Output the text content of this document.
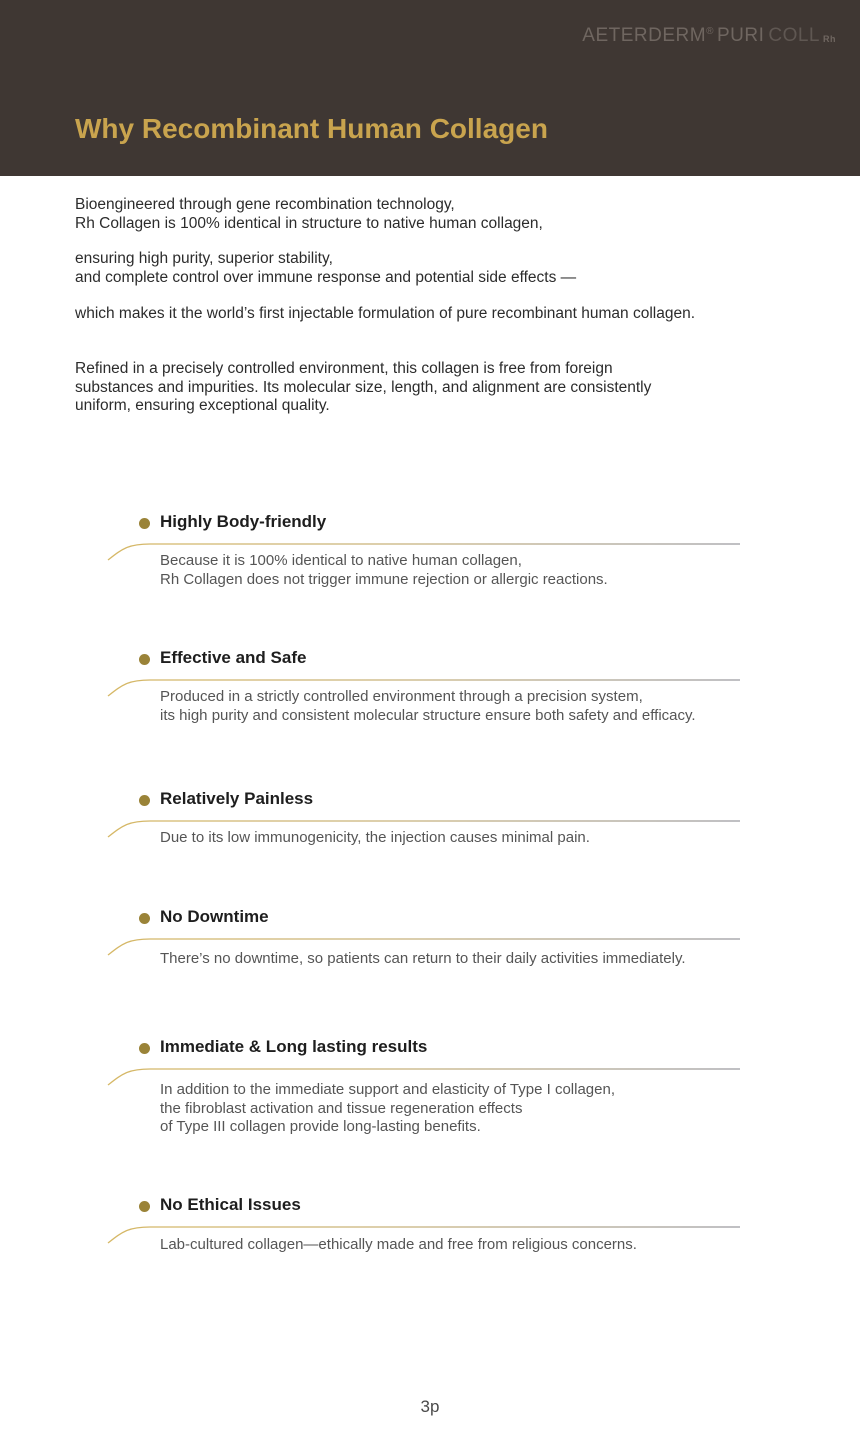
AETERDERM® PURI COLL Rh
Why Recombinant Human Collagen

Bioengineered through gene recombination technology,
Rh Collagen is 100% identical in structure to native human collagen,

ensuring high purity, superior stability,
and complete control over immune response and potential side effects —

which makes it the world’s first injectable formulation of pure recombinant human collagen.

Refined in a precisely controlled environment, this collagen is free from foreign
substances and impurities. Its molecular size, length, and alignment are consistently
uniform, ensuring exceptional quality.

Highly Body-friendly
Because it is 100% identical to native human collagen,
Rh Collagen does not trigger immune rejection or allergic reactions.
Effective and Safe
Produced in a strictly controlled environment through a precision system,
its high purity and consistent molecular structure ensure both safety and efficacy.
Relatively Painless
Due to its low immunogenicity, the injection causes minimal pain.
No Downtime
There’s no downtime, so patients can return to their daily activities immediately.
Immediate & Long lasting results
In addition to the immediate support and elasticity of Type I collagen,
the fibroblast activation and tissue regeneration effects
of Type III collagen provide long-lasting benefits.
No Ethical Issues
Lab-cultured collagen—ethically made and free from religious concerns.
3p
